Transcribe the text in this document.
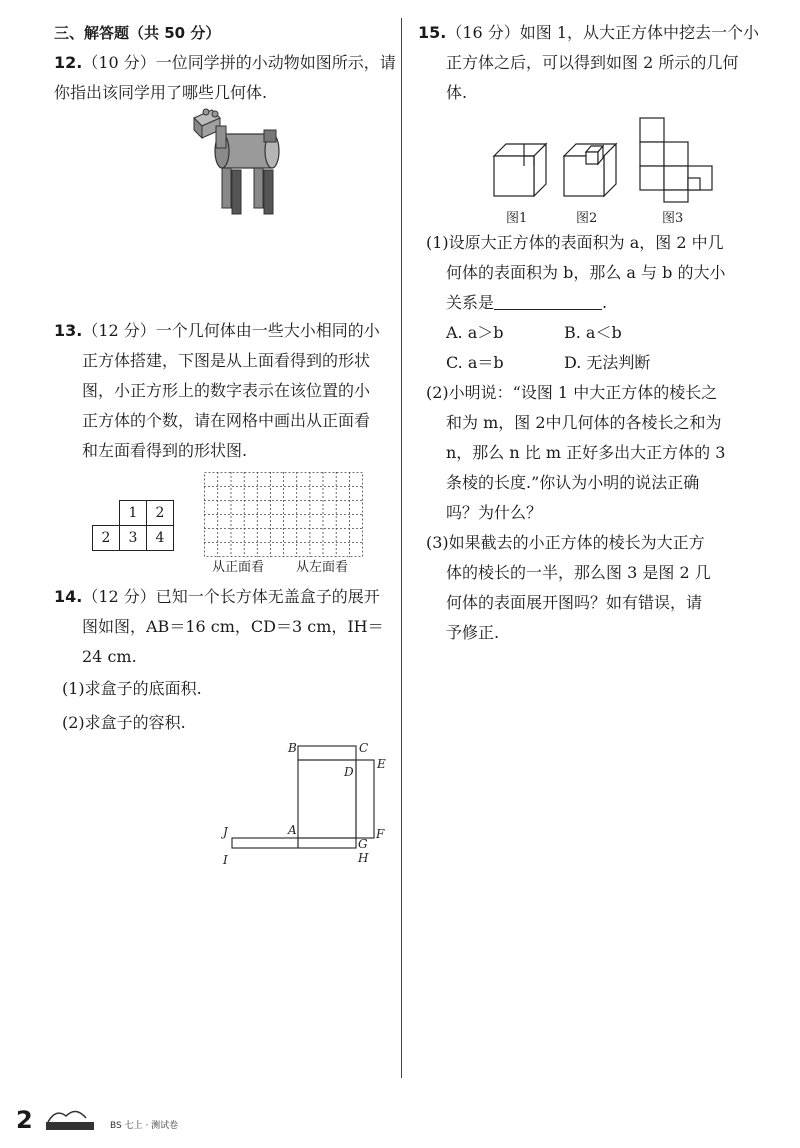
三、解答题（共 50 分）
12.（10 分）一位同学拼的小动物如图所示，请
你指出该同学用了哪些几何体.
13.（12 分）一个几何体由一些大小相同的小
正方体搭建，下图是从上面看得到的形状
图，小正方形上的数字表示在该位置的小
正方体的个数，请在网格中画出从正面看
和左面看得到的形状图.
	1	2
2	3	4
从正面看 从左面看
14.（12 分）已知一个长方体无盖盒子的展开
图如图，AB＝16 cm，CD＝3 cm，IH＝
24 cm.
(1)求盒子的底面积.
(2)求盒子的容积.
B	C
D
E
A
J
I
F
G
H
15.（16 分）如图 1，从大正方体中挖去一个小
正方体之后，可以得到如图 2 所示的几何
体.
图1	图2	图3
(1)设原大正方体的表面积为 a，图 2 中几
何体的表面积为 b，那么 a 与 b 的大小
关系是	.
A. a＞b	B. a＜b
C. a＝b	D. 无法判断
(2)小明说：“设图 1 中大正方体的棱长之
和为 m，图 2中几何体的各棱长之和为
n，那么 n 比 m 正好多出大正方体的 3
条棱的长度.”你认为小明的说法正确
吗？为什么？
(3)如果截去的小正方体的棱长为大正方
体的棱长的一半，那么图 3 是图 2 几
何体的表面展开图吗？如有错误，请
予修正.
2	BS 七上 · 测试卷
